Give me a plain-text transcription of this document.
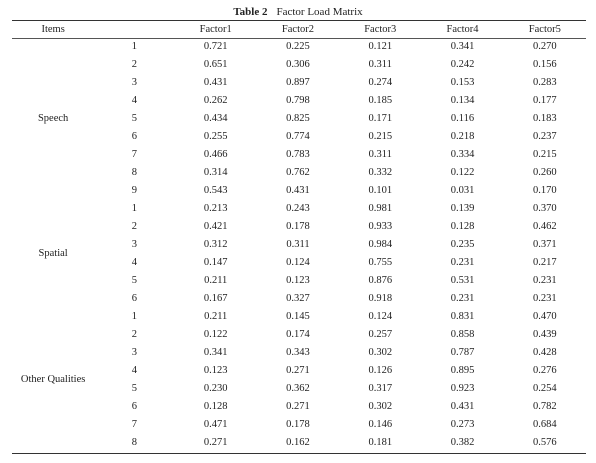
Table 2 Factor Load Matrix
Items		Factor1	Factor2	Factor3	Factor4	Factor5
Speech	1	0.721	0.225	0.121	0.341	0.270
	2	0.651	0.306	0.311	0.242	0.156
	3	0.431	0.897	0.274	0.153	0.283
	4	0.262	0.798	0.185	0.134	0.177
	5	0.434	0.825	0.171	0.116	0.183
	6	0.255	0.774	0.215	0.218	0.237
	7	0.466	0.783	0.311	0.334	0.215
	8	0.314	0.762	0.332	0.122	0.260
	9	0.543	0.431	0.101	0.031	0.170
Spatial	1	0.213	0.243	0.981	0.139	0.370
	2	0.421	0.178	0.933	0.128	0.462
	3	0.312	0.311	0.984	0.235	0.371
	4	0.147	0.124	0.755	0.231	0.217
	5	0.211	0.123	0.876	0.531	0.231
	6	0.167	0.327	0.918	0.231	0.231
Other Qualities	1	0.211	0.145	0.124	0.831	0.470
	2	0.122	0.174	0.257	0.858	0.439
	3	0.341	0.343	0.302	0.787	0.428
	4	0.123	0.271	0.126	0.895	0.276
	5	0.230	0.362	0.317	0.923	0.254
	6	0.128	0.271	0.302	0.431	0.782
	7	0.471	0.178	0.146	0.273	0.684
	8	0.271	0.162	0.181	0.382	0.576
